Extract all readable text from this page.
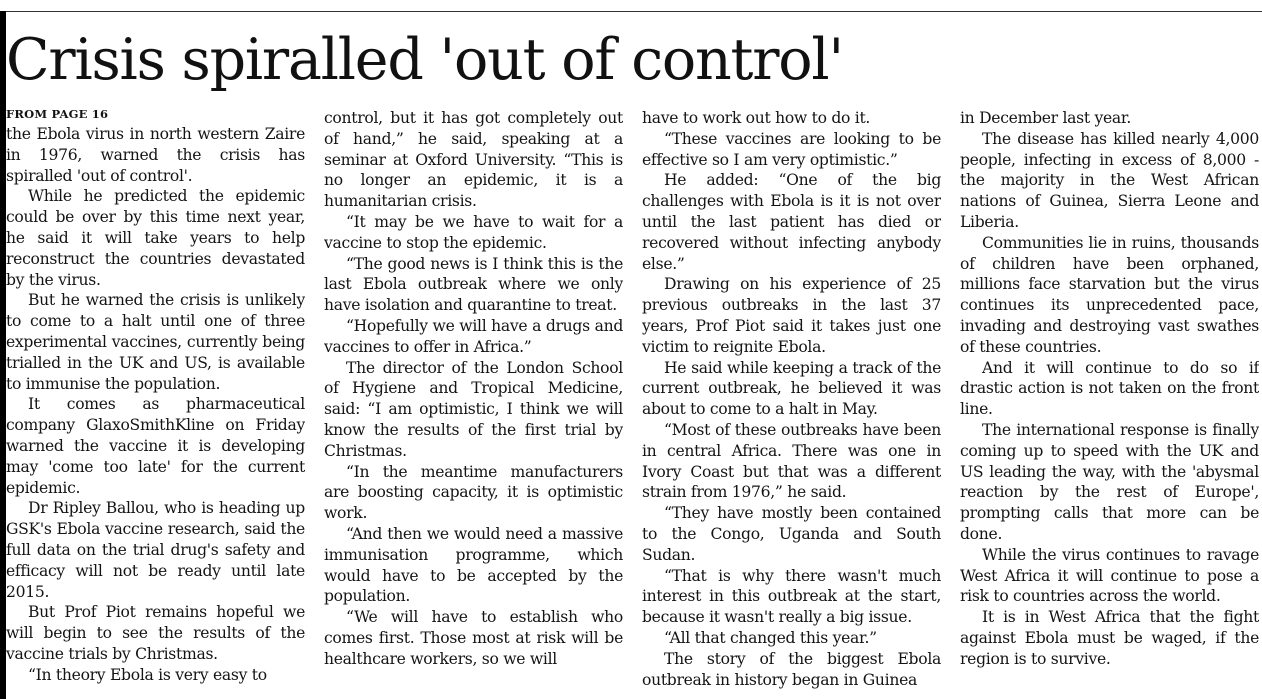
Crisis spiralled 'out of control'
FROM PAGE 16

the Ebola virus in north western Zaire in 1976, warned the crisis has spiralled 'out of control'.

While he predicted the epidemic could be over by this time next year, he said it will take years to help reconstruct the countries devastated by the virus.

But he warned the crisis is unlikely to come to a halt until one of three experimental vaccines, currently being trialled in the UK and US, is available to immunise the population.

It comes as pharmaceutical company GlaxoSmithKline on Friday warned the vaccine it is developing may 'come too late' for the current epidemic.

Dr Ripley Ballou, who is heading up GSK's Ebola vaccine research, said the full data on the trial drug's safety and efficacy will not be ready until late 2015.

But Prof Piot remains hopeful we will begin to see the results of the vaccine trials by Christmas.

“In theory Ebola is very easy to

control, but it has got completely out of hand,” he said, speaking at a seminar at Oxford University. “This is no longer an epidemic, it is a humanitarian crisis.

“It may be we have to wait for a vaccine to stop the epidemic.

“The good news is I think this is the last Ebola outbreak where we only have isolation and quarantine to treat.

“Hopefully we will have a drugs and vaccines to offer in Africa.”

The director of the London School of Hygiene and Tropical Medicine, said: “I am optimistic, I think we will know the results of the first trial by Christmas.

“In the meantime manufacturers are boosting capacity, it is optimistic work.

“And then we would need a massive immunisation programme, which would have to be accepted by the population.

“We will have to establish who comes first. Those most at risk will be healthcare workers, so we will

have to work out how to do it.

“These vaccines are looking to be effective so I am very optimistic.”

He added: “One of the big challenges with Ebola is it is not over until the last patient has died or recovered without infecting anybody else.”

Drawing on his experience of 25 previous outbreaks in the last 37 years, Prof Piot said it takes just one victim to reignite Ebola.

He said while keeping a track of the current outbreak, he believed it was about to come to a halt in May.

“Most of these outbreaks have been in central Africa. There was one in Ivory Coast but that was a different strain from 1976,” he said.

“They have mostly been contained to the Congo, Uganda and South Sudan.

“That is why there wasn't much interest in this outbreak at the start, because it wasn't really a big issue.

“All that changed this year.”

The story of the biggest Ebola outbreak in history began in Guinea

in December last year.

The disease has killed nearly 4,000 people, infecting in excess of 8,000 - the majority in the West African nations of Guinea, Sierra Leone and Liberia.

Communities lie in ruins, thousands of children have been orphaned, millions face starvation but the virus continues its unprecedented pace, invading and destroying vast swathes of these countries.

And it will continue to do so if drastic action is not taken on the front line.

The international response is finally coming up to speed with the UK and US leading the way, with the 'abysmal reaction by the rest of Europe', prompting calls that more can be done.

While the virus continues to ravage West Africa it will continue to pose a risk to countries across the world.

It is in West Africa that the fight against Ebola must be waged, if the region is to survive.
